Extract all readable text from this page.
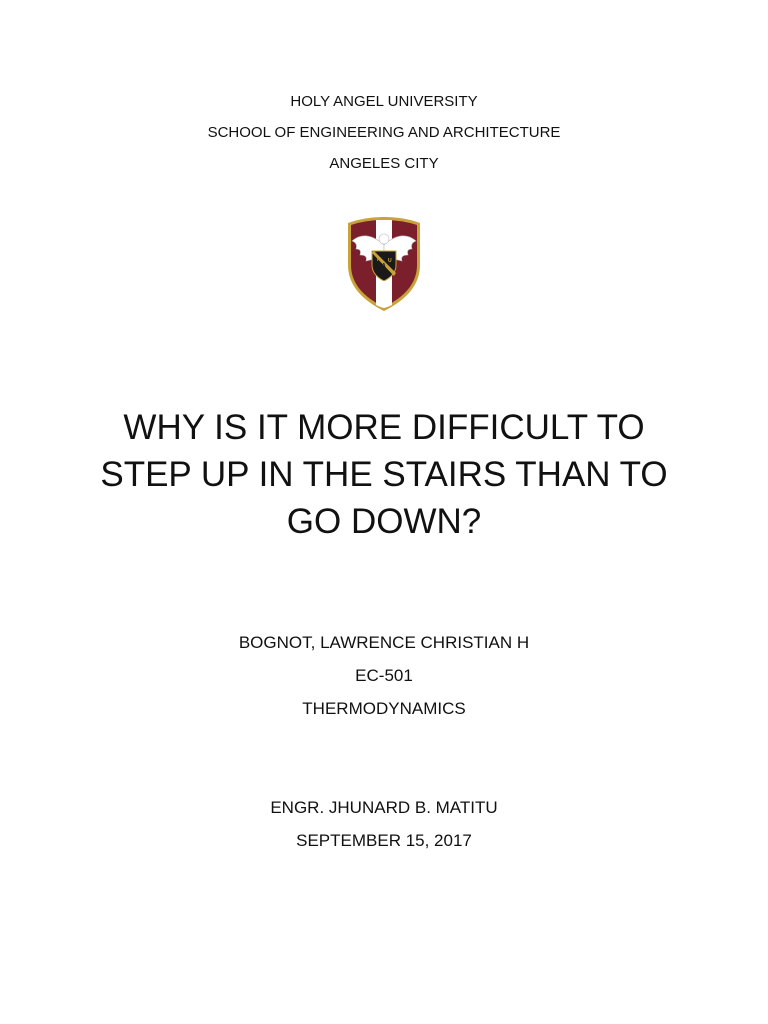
HOLY ANGEL UNIVERSITY
SCHOOL OF ENGINEERING AND ARCHITECTURE
ANGELES CITY
H
A
U
WHY IS IT MORE DIFFICULT TO
STEP UP IN THE STAIRS THAN TO
GO DOWN?
BOGNOT, LAWRENCE CHRISTIAN H
EC-501
THERMODYNAMICS
ENGR. JHUNARD B. MATITU
SEPTEMBER 15, 2017
